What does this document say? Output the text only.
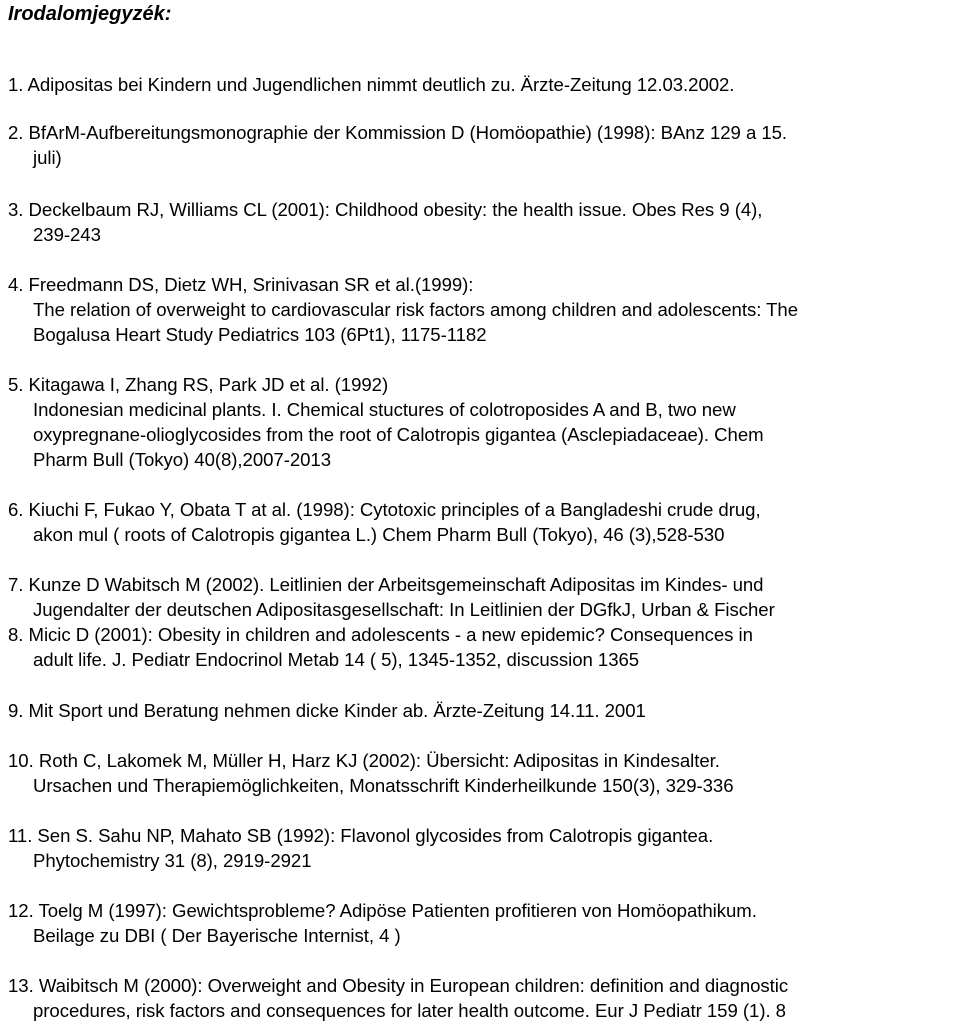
Irodalomjegyzék:
1. Adipositas bei Kindern und Jugendlichen nimmt deutlich zu. Ärzte-Zeitung 12.03.2002.
2. BfArM-Aufbereitungsmonographie der Kommission D (Homöopathie) (1998): BAnz 129 a 15.
juli)
3. Deckelbaum RJ, Williams CL (2001): Childhood obesity: the health issue. Obes Res 9 (4),
239-243
4. Freedmann DS, Dietz WH, Srinivasan SR et al.(1999):
The relation of overweight to cardiovascular risk factors among children and adolescents: The
Bogalusa Heart Study Pediatrics 103 (6Pt1), 1175-1182
5. Kitagawa I, Zhang RS, Park JD et al. (1992)
Indonesian medicinal plants. I. Chemical stuctures of colotroposides A and B, two new
oxypregnane-olioglycosides from the root of Calotropis gigantea (Asclepiadaceae). Chem
Pharm Bull (Tokyo) 40(8),2007-2013
6. Kiuchi F, Fukao Y, Obata T at al. (1998): Cytotoxic principles of a Bangladeshi crude drug,
akon mul ( roots of Calotropis gigantea L.) Chem Pharm Bull (Tokyo), 46 (3),528-530
7. Kunze D Wabitsch M (2002). Leitlinien der Arbeitsgemeinschaft Adipositas im Kindes- und
Jugendalter der deutschen Adipositasgesellschaft: In Leitlinien der DGfkJ, Urban & Fischer
8. Micic D (2001): Obesity in children and adolescents - a new epidemic? Consequences in
adult life. J. Pediatr Endocrinol Metab 14 ( 5), 1345-1352, discussion 1365
9. Mit Sport und Beratung nehmen dicke Kinder ab. Ärzte-Zeitung 14.11. 2001
10. Roth C, Lakomek M, Müller H, Harz KJ (2002): Übersicht: Adipositas in Kindesalter.
Ursachen und Therapiemöglichkeiten, Monatsschrift Kinderheilkunde 150(3), 329-336
11. Sen S. Sahu NP, Mahato SB (1992): Flavonol glycosides from Calotropis gigantea.
Phytochemistry 31 (8), 2919-2921
12. Toelg M (1997): Gewichtsprobleme? Adipöse Patienten profitieren von Homöopathikum.
Beilage zu DBI ( Der Bayerische Internist, 4 )
13. Waibitsch M (2000): Overweight and Obesity in European children: definition and diagnostic
procedures, risk factors and consequences for later health outcome. Eur J Pediatr 159 (1). 8
